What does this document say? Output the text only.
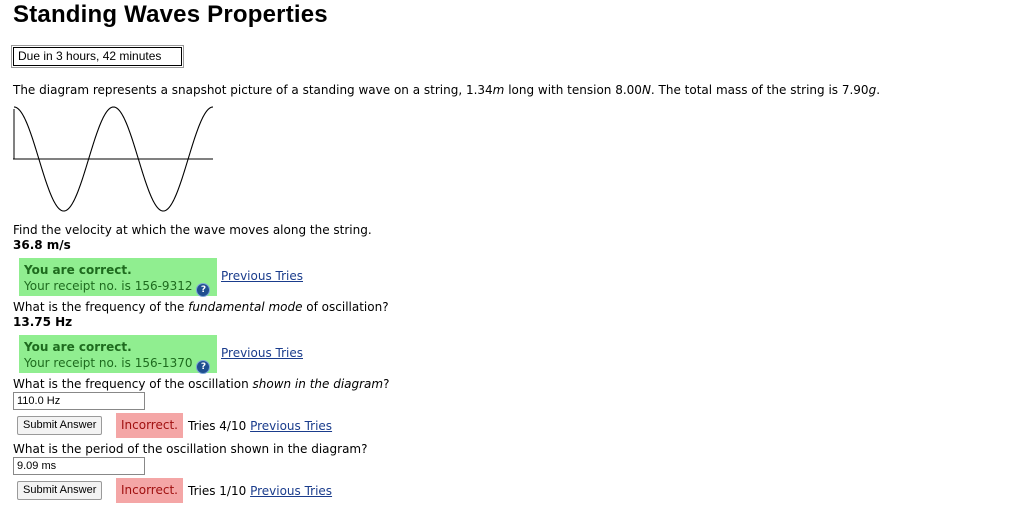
Standing Waves Properties
Due in 3 hours, 42 minutes
The diagram represents a snapshot picture of a standing wave on a string, 1.34m long with tension 8.00N. The total mass of the string is 7.90g.
Find the velocity at which the wave moves along the string.
36.8 m/s
You are correct.
Your receipt no. is 156-9312 ?
Previous Tries
What is the frequency of the fundamental mode of oscillation?
13.75 Hz
You are correct.
Your receipt no. is 156-1370 ?
Previous Tries
What is the frequency of the oscillation shown in the diagram?
110.0 Hz
Submit Answer	Incorrect. Tries 4/10 Previous Tries
What is the period of the oscillation shown in the diagram?
9.09 ms
Submit Answer	Incorrect. Tries 1/10 Previous Tries
